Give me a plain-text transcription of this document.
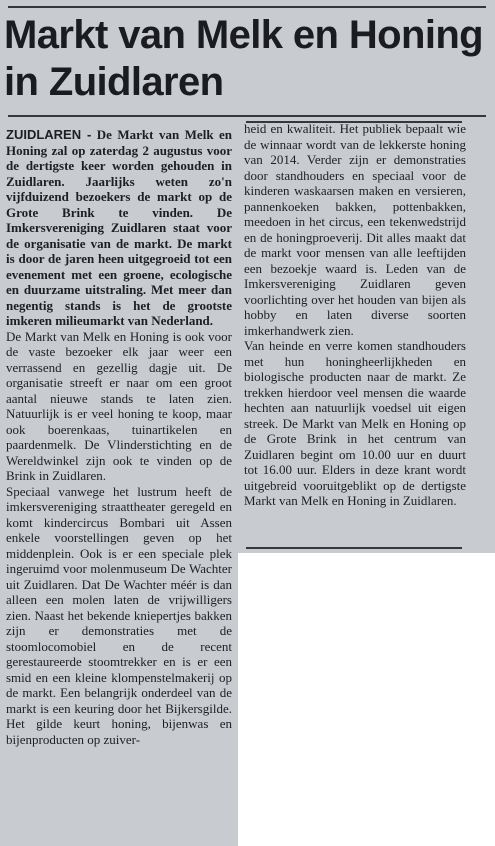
Markt van Melk en Honing in Zuidlaren

ZUIDLAREN - De Markt van Melk en Honing zal op zaterdag 2 augustus voor de dertigste keer worden gehouden in Zuidlaren. Jaarlijks weten zo'n vijfduizend bezoekers de markt op de Grote Brink te vinden. De Imkersvereniging Zuidlaren staat voor de organisatie van de markt. De markt is door de jaren heen uitgegroeid tot een evenement met een groene, ecologische en duurzame uitstraling. Met meer dan negentig stands is het de grootste imkeren milieumarkt van Nederland.

De Markt van Melk en Honing is ook voor de vaste bezoeker elk jaar weer een verrassend en gezellig dagje uit. De organisatie streeft er naar om een groot aantal nieuwe stands te laten zien. Natuurlijk is er veel honing te koop, maar ook boerenkaas, tuinartikelen en paardenmelk. De Vlinderstichting en de Wereldwinkel zijn ook te vinden op de Brink in Zuidlaren.

Speciaal vanwege het lustrum heeft de imkersvereniging straattheater geregeld en komt kindercircus Bombari uit Assen enkele voorstellingen geven op het middenplein. Ook is er een speciale plek ingeruimd voor molenmuseum De Wachter uit Zuidlaren. Dat De Wachter méér is dan alleen een molen laten de vrijwilligers zien. Naast het bekende kniepertjes bakken zijn er demonstraties met de stoomlocomobiel en de recent gerestaureerde stoomtrekker en is er een smid en een kleine klompenstelmakerij op de markt. Een belangrijk onderdeel van de markt is een keuring door het Bijkersgilde. Het gilde keurt honing, bijenwas en bijenproducten op zuiver-

heid en kwaliteit. Het publiek bepaalt wie de winnaar wordt van de lekkerste honing van 2014. Verder zijn er demonstraties door standhouders en speciaal voor de kinderen waskaarsen maken en versieren, pannenkoeken bakken, pottenbakken, meedoen in het circus, een tekenwedstrijd en de honingproeverij. Dit alles maakt dat de markt voor mensen van alle leeftijden een bezoekje waard is. Leden van de Imkersvereniging Zuidlaren geven voorlichting over het houden van bijen als hobby en laten diverse soorten imkerhandwerk zien.

Van heinde en verre komen standhouders met hun honingheerlijkheden en biologische producten naar de markt. Ze trekken hierdoor veel mensen die waarde hechten aan natuurlijk voedsel uit eigen streek. De Markt van Melk en Honing op de Grote Brink in het centrum van Zuidlaren begint om 10.00 uur en duurt tot 16.00 uur. Elders in deze krant wordt uitgebreid vooruitgeblikt op de dertigste Markt van Melk en Honing in Zuidlaren.
